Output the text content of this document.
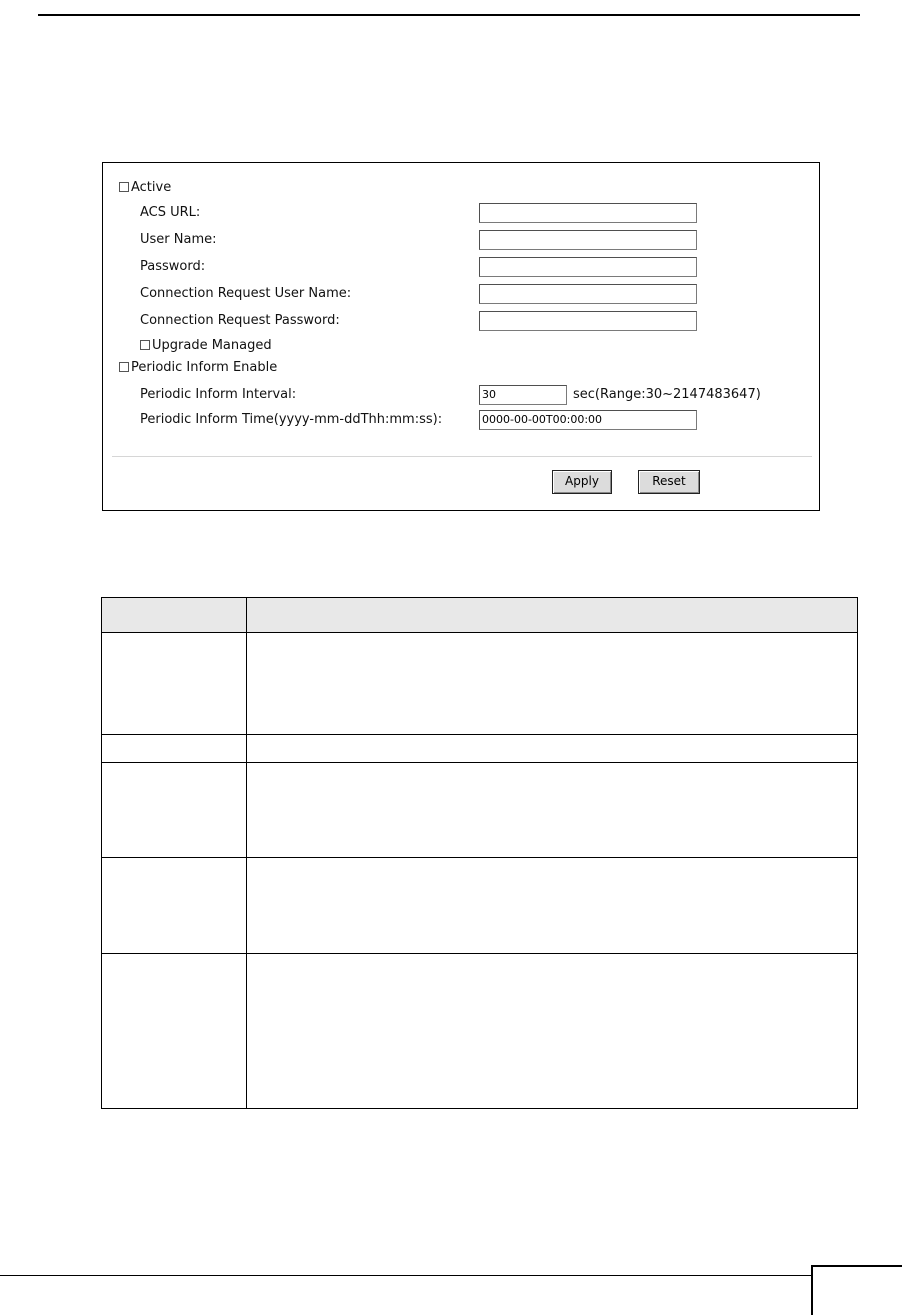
Active
ACS URL:
User Name:
Password:
Connection Request User Name:
Connection Request Password:
Upgrade Managed
Periodic Inform Enable
Periodic Inform Interval:	30	sec(Range:30~2147483647)
Periodic Inform Time(yyyy-mm-ddThh:mm:ss):	0000-00-00T00:00:00
Apply	Reset
